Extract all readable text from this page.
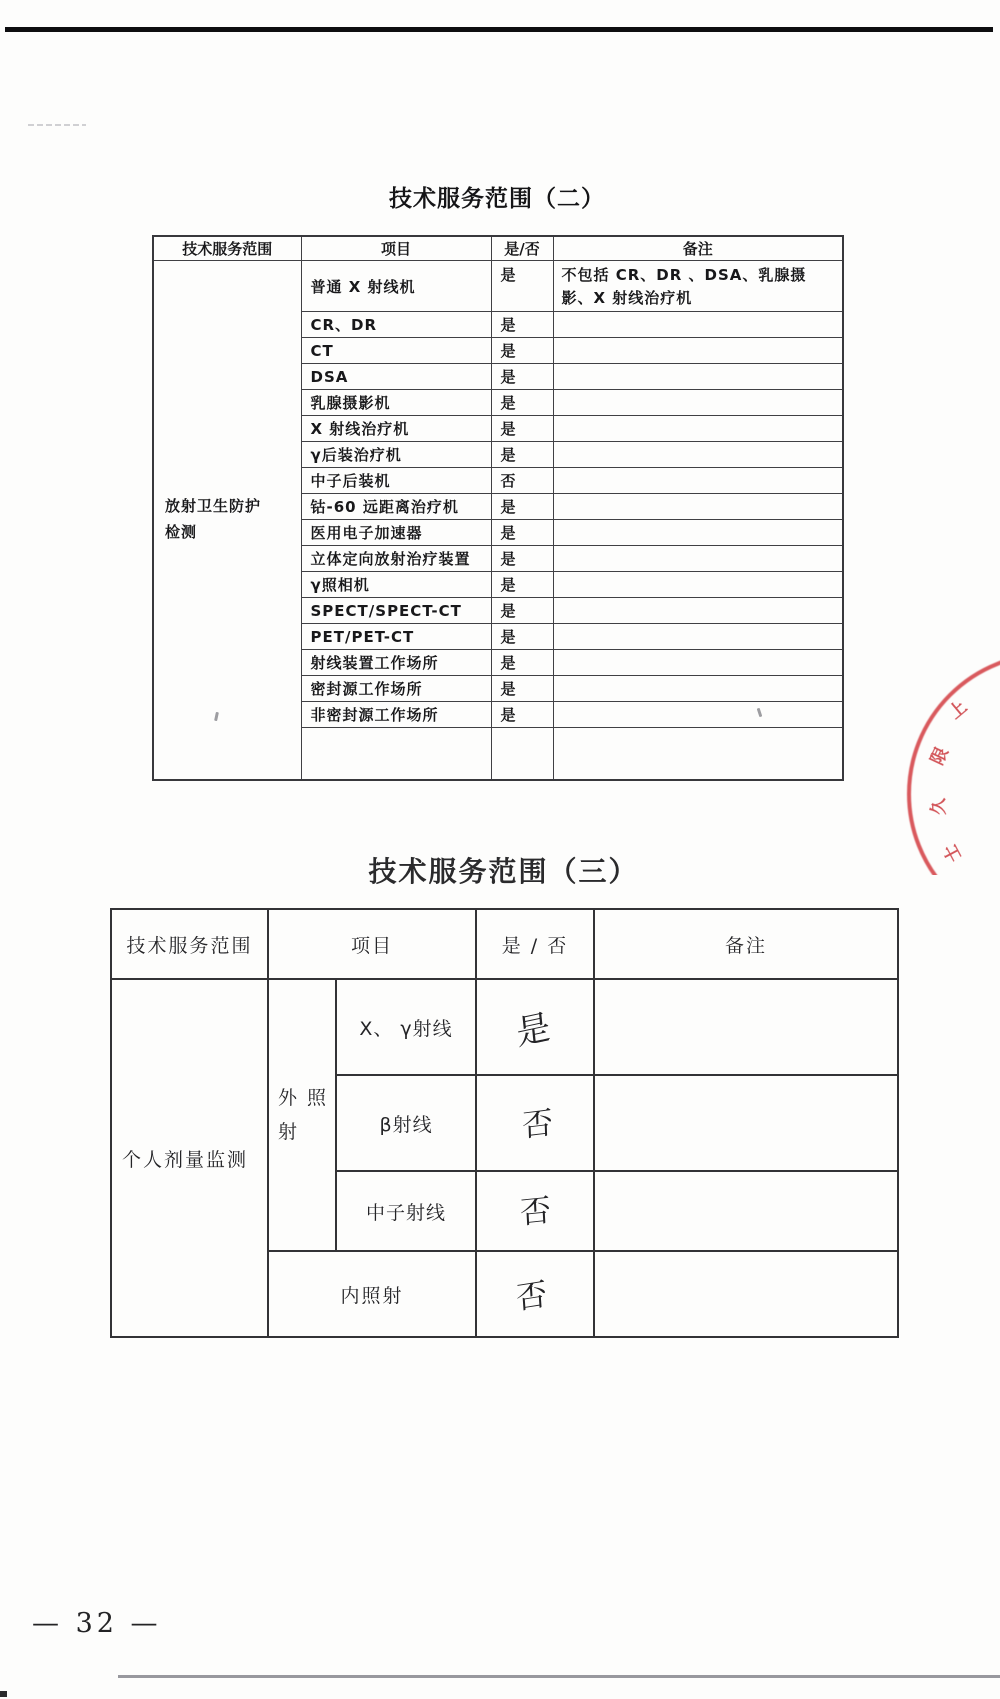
技术服务范围（二）
技术服务范围	项目	是/否	备注
放射卫生防护检测	普通 X 射线机	是	不包括 CR、DR 、DSA、乳腺摄影、X 射线治疗机
	CR、DR	是	
	CT	是	
	DSA	是	
	乳腺摄影机	是	
	X 射线治疗机	是	
	γ后装治疗机	是	
	中子后装机	否	
	钴-60 远距离治疗机	是	
	医用电子加速器	是	
	立体定向放射治疗装置	是	
	γ照相机	是	
	SPECT/SPECT-CT	是	
	PET/PET-CT	是	
	射线装置工作场所	是	
	密封源工作场所	是	
	非密封源工作场所	是	
			上
限
久
士
技术服务范围（三）
技术服务范围	项目		是 / 否	备注
个人剂量监测	外 照 射	X、 γ射线	是	
		β射线	否	
		中子射线	否	
	内照射		否	
— 32 —
